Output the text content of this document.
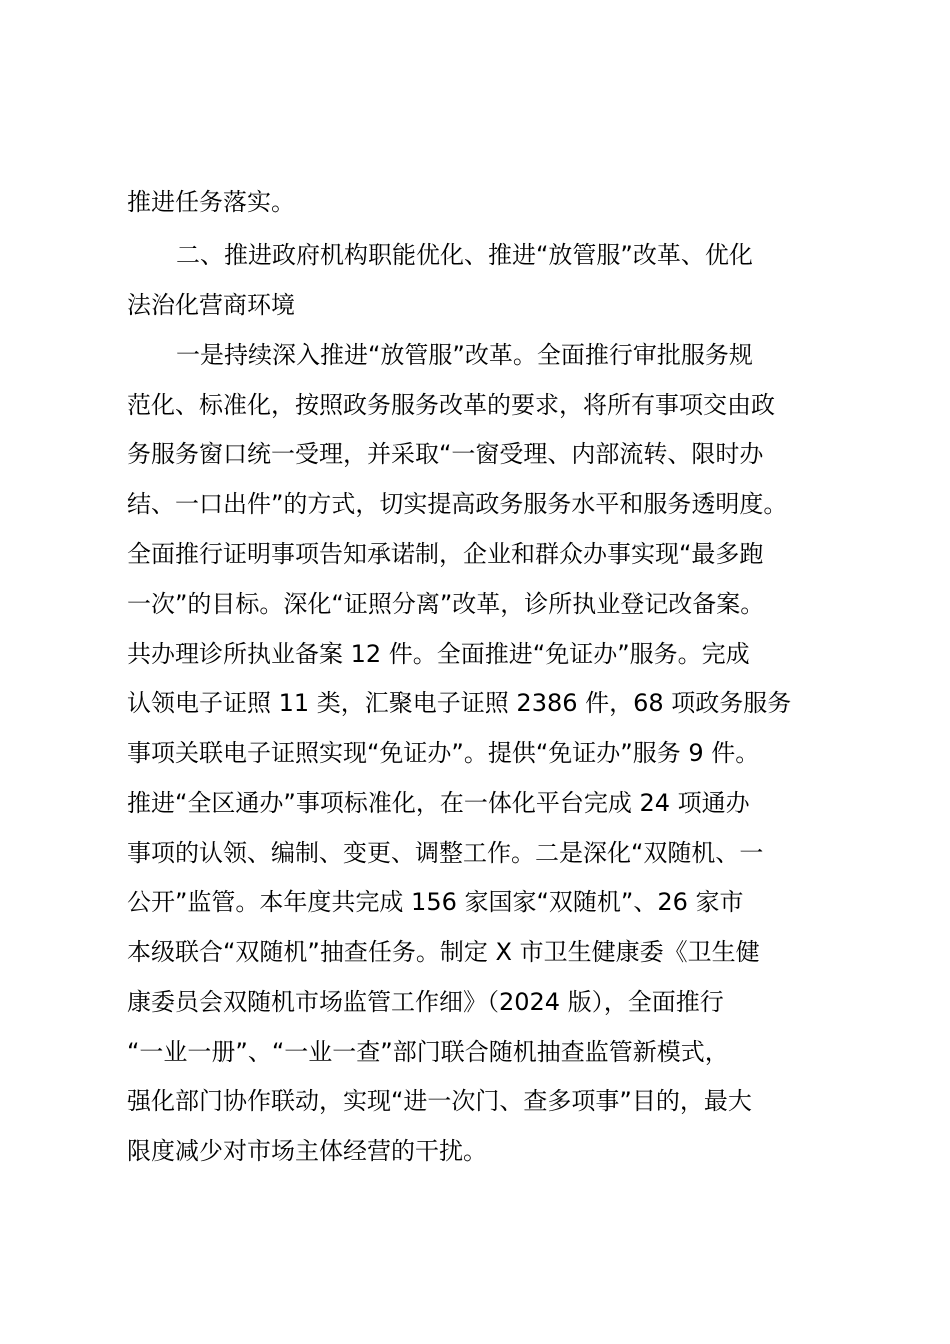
推进任务落实。
二、推进政府机构职能优化、推进“放管服”改革、优化
法治化营商环境
一是持续深入推进“放管服”改革。全面推行审批服务规
范化、标准化，按照政务服务改革的要求，将所有事项交由政
务服务窗口统一受理，并采取“一窗受理、内部流转、限时办
结、一口出件”的方式，切实提高政务服务水平和服务透明度。
全面推行证明事项告知承诺制，企业和群众办事实现“最多跑
一次”的目标。深化“证照分离”改革，诊所执业登记改备案。
共办理诊所执业备案 12 件。全面推进“免证办”服务。完成
认领电子证照 11 类，汇聚电子证照 2386 件，68 项政务服务
事项关联电子证照实现“免证办”。提供“免证办”服务 9 件。
推进“全区通办”事项标准化，在一体化平台完成 24 项通办
事项的认领、编制、变更、调整工作。二是深化“双随机、一
公开”监管。本年度共完成 156 家国家“双随机”、26 家市
本级联合“双随机”抽查任务。制定 X 市卫生健康委《卫生健
康委员会双随机市场监管工作细》（2024 版），全面推行
“一业一册”、“一业一查”部门联合随机抽查监管新模式，
强化部门协作联动，实现“进一次门、查多项事”目的，最大
限度减少对市场主体经营的干扰。
